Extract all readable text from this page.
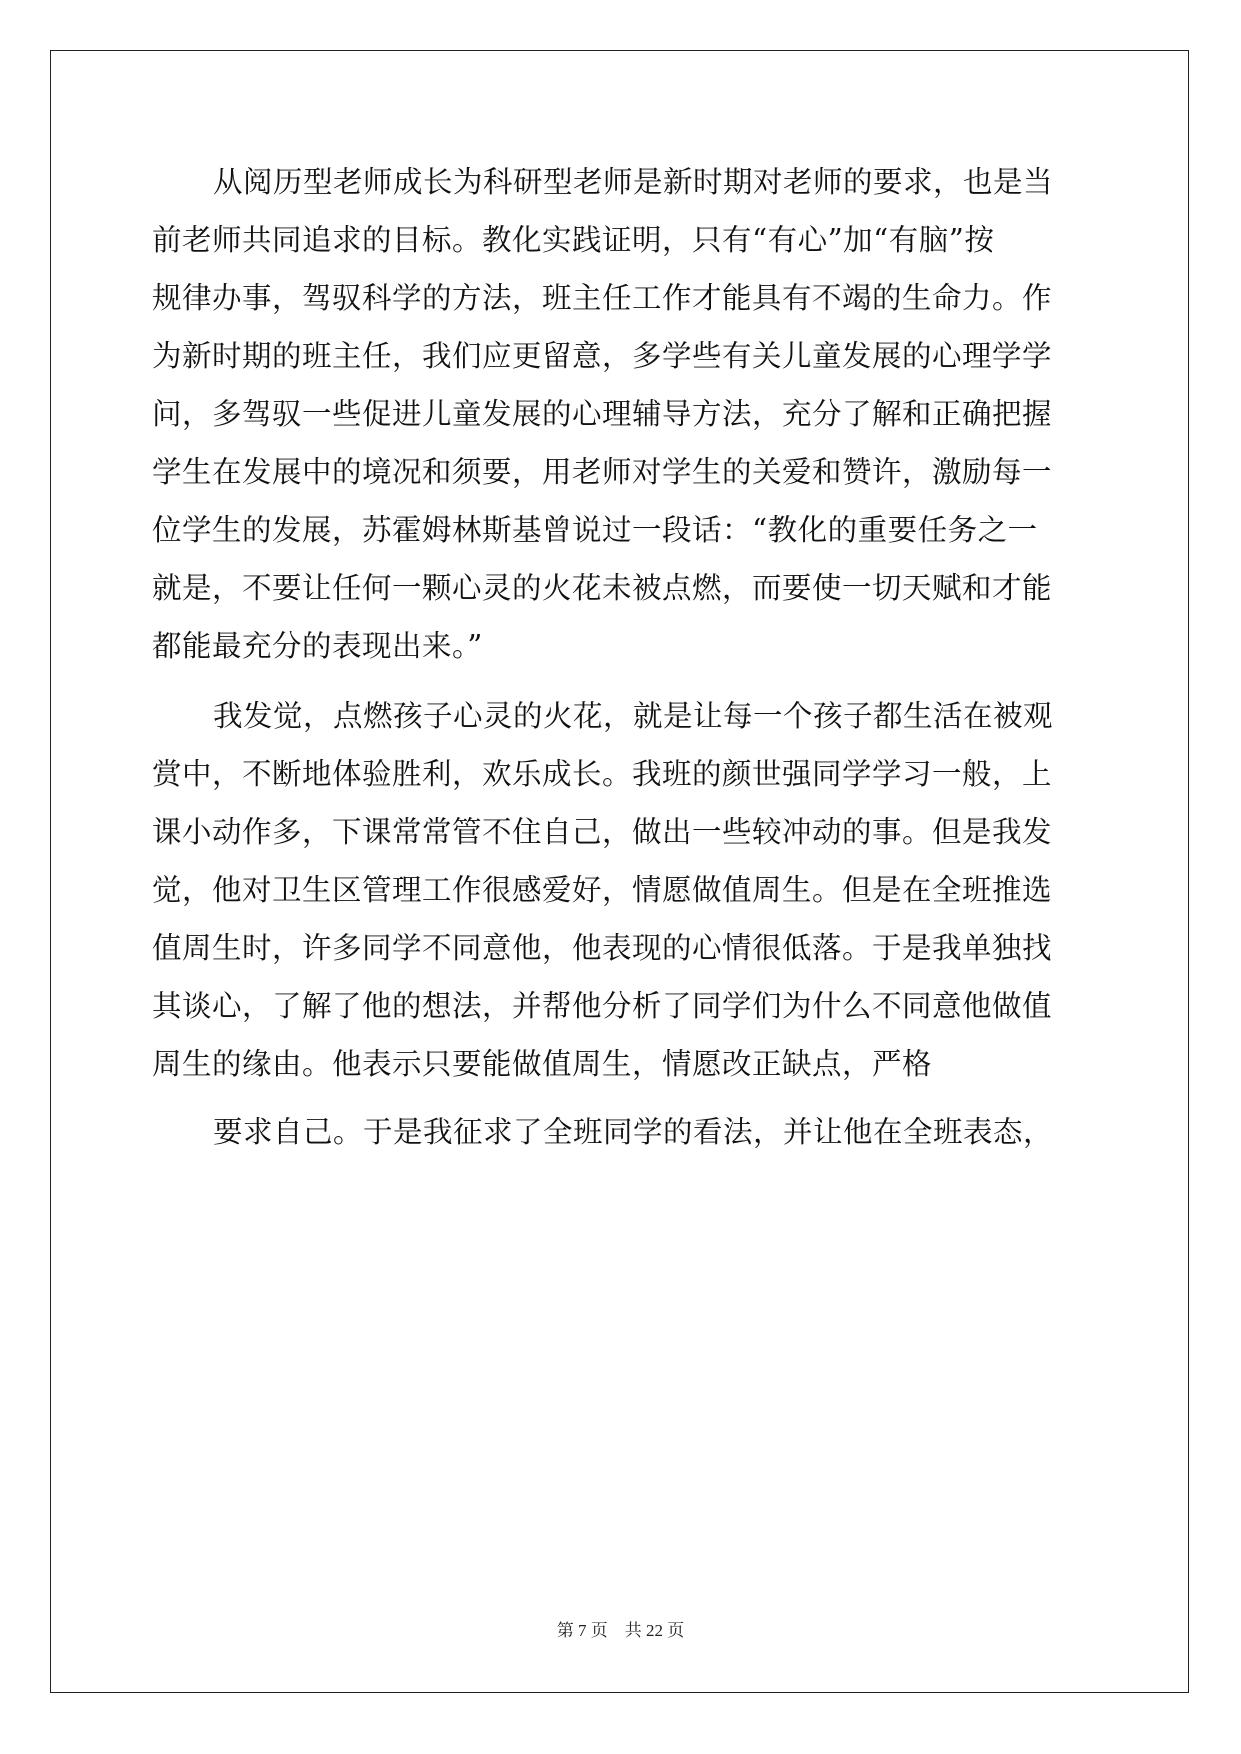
从阅历型老师成长为科研型老师是新时期对老师的要求，也是当
前老师共同追求的目标。教化实践证明，只有“有心”加“有脑”按
规律办事，驾驭科学的方法，班主任工作才能具有不竭的生命力。作
为新时期的班主任，我们应更留意，多学些有关儿童发展的心理学学
问，多驾驭一些促进儿童发展的心理辅导方法，充分了解和正确把握
学生在发展中的境况和须要，用老师对学生的关爱和赞许，激励每一
位学生的发展，苏霍姆林斯基曾说过一段话：“教化的重要任务之一
就是，不要让任何一颗心灵的火花未被点燃，而要使一切天赋和才能
都能最充分的表现出来。”
我发觉，点燃孩子心灵的火花，就是让每一个孩子都生活在被观
赏中，不断地体验胜利，欢乐成长。我班的颜世强同学学习一般，上
课小动作多，下课常常管不住自己，做出一些较冲动的事。但是我发
觉，他对卫生区管理工作很感爱好，情愿做值周生。但是在全班推选
值周生时，许多同学不同意他，他表现的心情很低落。于是我单独找
其谈心，了解了他的想法，并帮他分析了同学们为什么不同意他做值
周生的缘由。他表示只要能做值周生，情愿改正缺点，严格
要求自己。于是我征求了全班同学的看法，并让他在全班表态，
第 7 页 共 22 页
